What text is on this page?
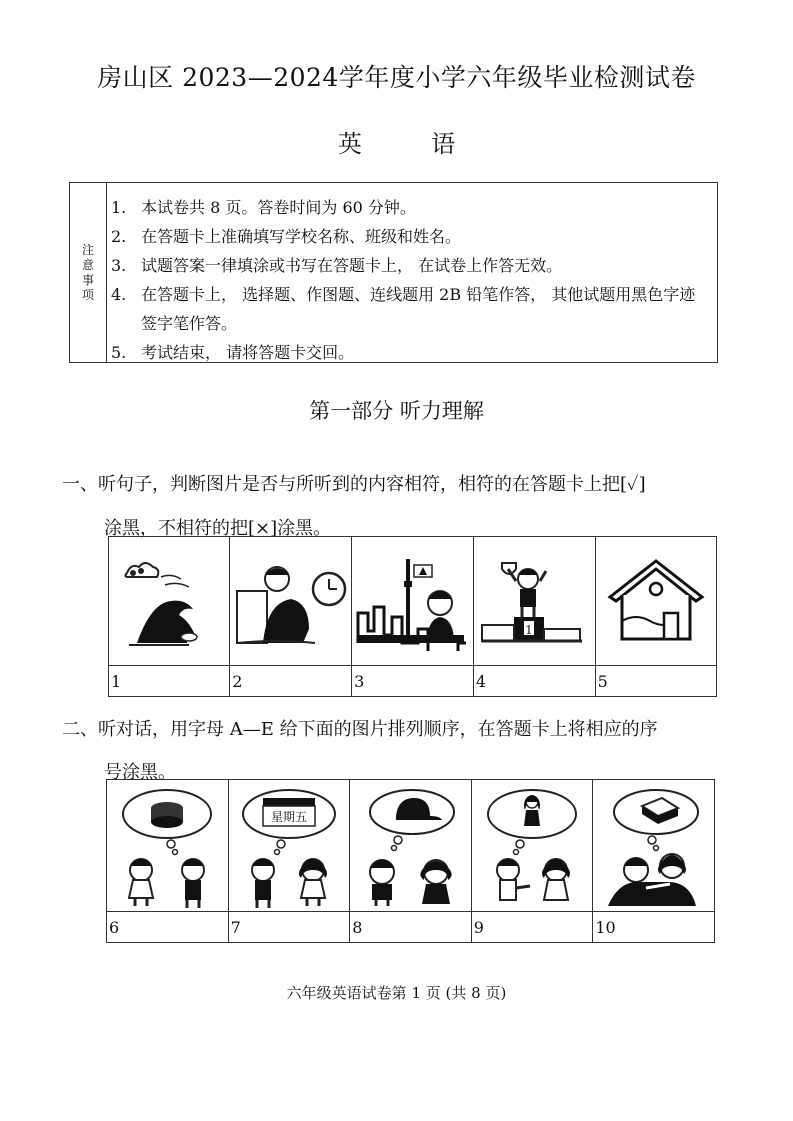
房山区 2023—2024学年度小学六年级毕业检测试卷
英	语
注
意
事
项
1. 本试卷共 8 页。答卷时间为 60 分钟。
2. 在答题卡上准确填写学校名称、班级和姓名。
3. 试题答案一律填涂或书写在答题卡上， 在试卷上作答无效。
4. 在答题卡上， 选择题、作图题、连线题用 2B 铅笔作答， 其他试题用黑色字迹签字笔作答。
5. 考试结束， 请将答题卡交回。
第一部分 听力理解
一、听句子，判断图片是否与所听到的内容相符，相符的在答题卡上把[✓]
涂黑，不相符的把[×]涂黑。

1

1	2	3	4	5
二、听对话，用字母 A—E 给下面的图片排列顺序，在答题卡上将相应的序
号涂黑。

星期五

6	7	8	9	10
六年级英语试卷第 1 页 (共 8 页)
